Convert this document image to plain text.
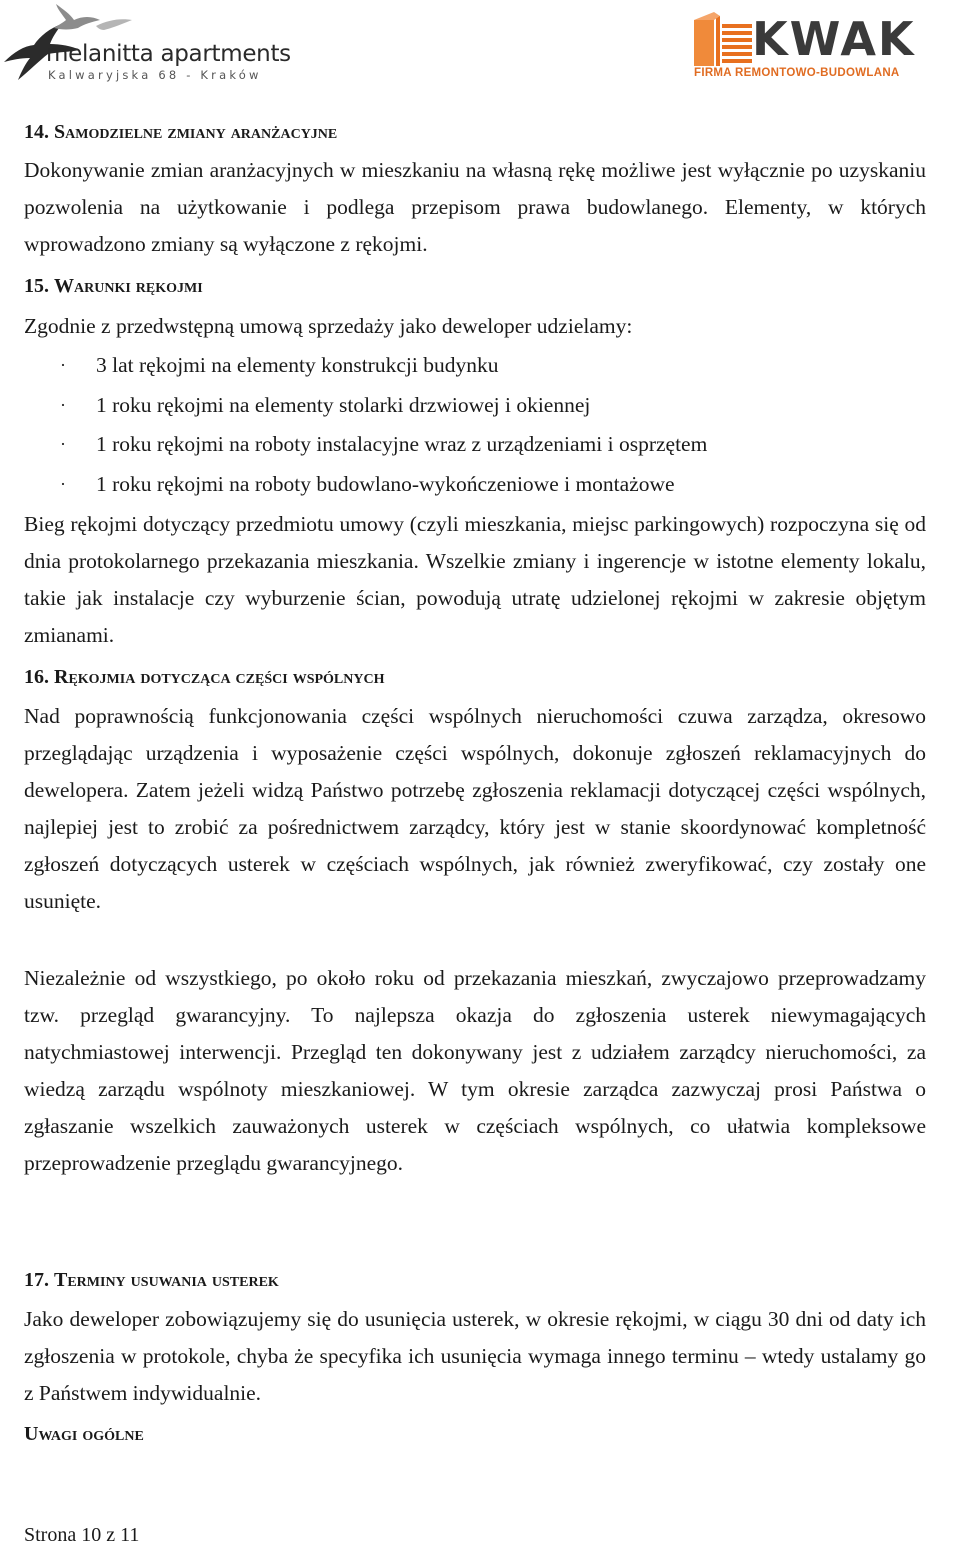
melanitta apartments
Kalwaryjska 68 - Kraków
KWAK
FIRMA REMONTOWO-BUDOWLANA
14. Samodzielne zmiany aranżacyjne

Dokonywanie zmian aranżacyjnych w mieszkaniu na własną rękę możliwe jest wyłącznie po uzyskaniu pozwolenia na użytkowanie i podlega przepisom prawa budowlanego. Elementy, w których wprowadzono zmiany są wyłączone z rękojmi.

15. Warunki rękojmi

Zgodnie z przedwstępną umową sprzedaży jako deweloper udzielamy:

· 3 lat rękojmi na elementy konstrukcji budynku
· 1 roku rękojmi na elementy stolarki drzwiowej i okiennej
· 1 roku rękojmi na roboty instalacyjne wraz z urządzeniami i osprzętem
· 1 roku rękojmi na roboty budowlano-wykończeniowe i montażowe

Bieg rękojmi dotyczący przedmiotu umowy (czyli mieszkania, miejsc parkingowych) rozpoczyna się od dnia protokolarnego przekazania mieszkania. Wszelkie zmiany i ingerencje w istotne elementy lokalu, takie jak instalacje czy wyburzenie ścian, powodują utratę udzielonej rękojmi w zakresie objętym zmianami.

16. Rękojmia dotycząca części wspólnych

Nad poprawnością funkcjonowania części wspólnych nieruchomości czuwa zarządza, okresowo przeglądając urządzenia i wyposażenie części wspólnych, dokonuje zgłoszeń reklamacyjnych do dewelopera. Zatem jeżeli widzą Państwo potrzebę zgłoszenia reklamacji dotyczącej części wspólnych, najlepiej jest to zrobić za pośrednictwem zarządcy, który jest w stanie skoordynować kompletność zgłoszeń dotyczących usterek w częściach wspólnych, jak również zweryfikować, czy zostały one usunięte.

Niezależnie od wszystkiego, po około roku od przekazania mieszkań, zwyczajowo przeprowadzamy tzw. przegląd gwarancyjny. To najlepsza okazja do zgłoszenia usterek niewymagających natychmiastowej interwencji. Przegląd ten dokonywany jest z udziałem zarządcy nieruchomości, za wiedzą zarządu wspólnoty mieszkaniowej. W tym okresie zarządca zazwyczaj prosi Państwa o zgłaszanie wszelkich zauważonych usterek w częściach wspólnych, co ułatwia kompleksowe przeprowadzenie przeglądu gwarancyjnego.

17. Terminy usuwania usterek

Jako deweloper zobowiązujemy się do usunięcia usterek, w okresie rękojmi, w ciągu 30 dni od daty ich zgłoszenia w protokole, chyba że specyfika ich usunięcia wymaga innego terminu – wtedy ustalamy go z Państwem indywidualnie.

Uwagi ogólne
Strona 10 z 11
